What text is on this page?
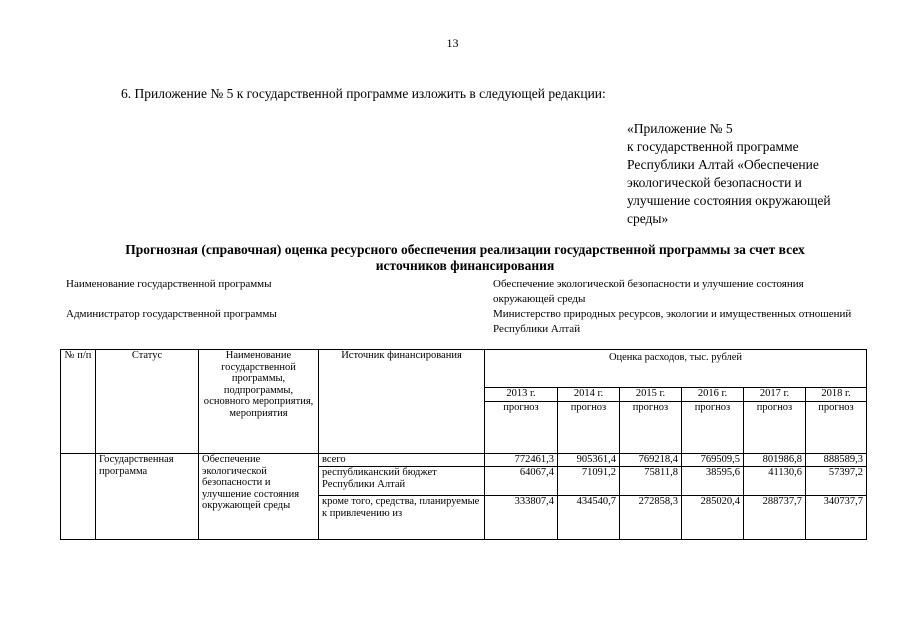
13
6. Приложение № 5 к государственной программе изложить в следующей редакции:
«Приложение № 5
к государственной программе
Республики Алтай «Обеспечение
экологической безопасности и
улучшение состояния окружающей
среды»
Прогнозная (справочная) оценка ресурсного обеспечения реализации государственной программы за счет всех
источников финансирования
Наименование государственной программы	Обеспечение экологической безопасности и улучшение состояния окружающей среды
Администратор государственной программы	Министерство природных ресурсов, экологии и имущественных отношений Республики Алтай
№ п/п	Статус	Наименование государственной программы, подпрограммы, основного мероприятия, мероприятия	Источник финансирования	Оценка расходов, тыс. рублей					
				2013 г.	2014 г.	2015 г.	2016 г.	2017 г.	2018 г.
				прогноз	прогноз	прогноз	прогноз	прогноз	прогноз
	Государственная программа	Обеспечение экологической безопасности и улучшение состояния окружающей среды	всего	772461,3	905361,4	769218,4	769509,5	801986,8	888589,3
			республиканский бюджет Республики Алтай	64067,4	71091,2	75811,8	38595,6	41130,6	57397,2
			кроме того, средства, планируемые к привлечению из	333807,4	434540,7	272858,3	285020,4	288737,7	340737,7
